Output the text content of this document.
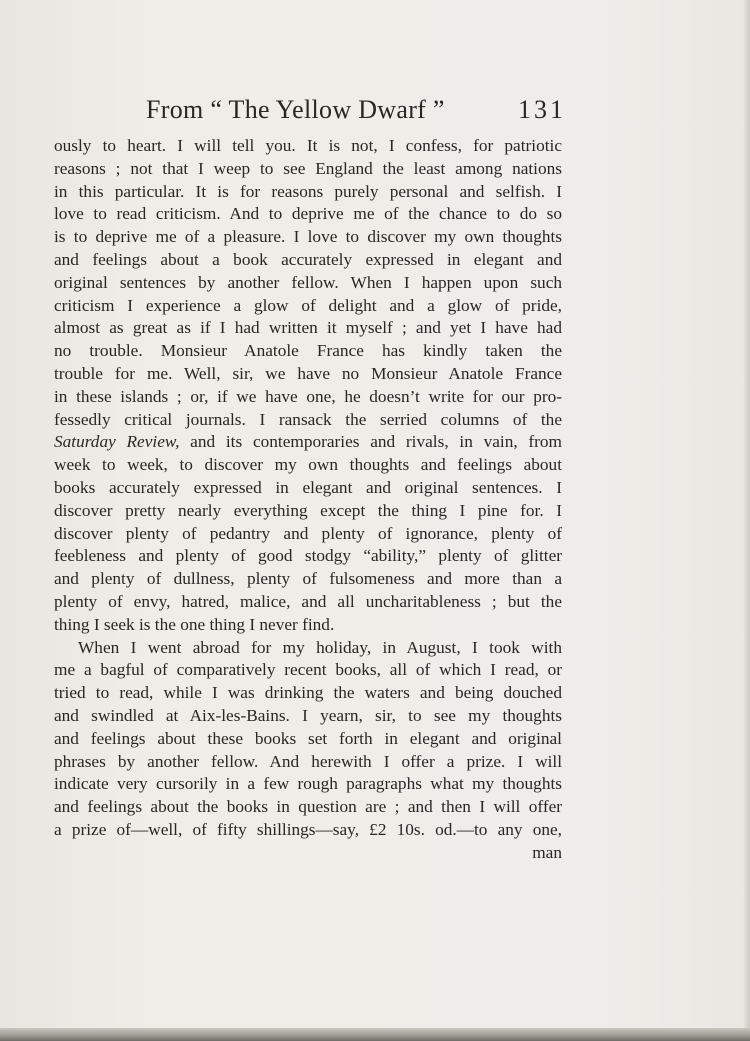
From “ The Yellow Dwarf ”	131
ously to heart. I will tell you. It is not, I confess, for patriotic
reasons ; not that I weep to see England the least among nations
in this particular. It is for reasons purely personal and selfish. I
love to read criticism. And to deprive me of the chance to do so
is to deprive me of a pleasure. I love to discover my own thoughts
and feelings about a book accurately expressed in elegant and
original sentences by another fellow. When I happen upon such
criticism I experience a glow of delight and a glow of pride,
almost as great as if I had written it myself ; and yet I have had
no trouble. Monsieur Anatole France has kindly taken the
trouble for me. Well, sir, we have no Monsieur Anatole France
in these islands ; or, if we have one, he doesn’t write for our pro-
fessedly critical journals. I ransack the serried columns of the
Saturday Review, and its contemporaries and rivals, in vain, from
week to week, to discover my own thoughts and feelings about
books accurately expressed in elegant and original sentences. I
discover pretty nearly everything except the thing I pine for. I
discover plenty of pedantry and plenty of ignorance, plenty of
feebleness and plenty of good stodgy “ability,” plenty of glitter
and plenty of dullness, plenty of fulsomeness and more than a
plenty of envy, hatred, malice, and all uncharitableness ; but the
thing I seek is the one thing I never find.
When I went abroad for my holiday, in August, I took with
me a bagful of comparatively recent books, all of which I read, or
tried to read, while I was drinking the waters and being douched
and swindled at Aix-les-Bains. I yearn, sir, to see my thoughts
and feelings about these books set forth in elegant and original
phrases by another fellow. And herewith I offer a prize. I will
indicate very cursorily in a few rough paragraphs what my thoughts
and feelings about the books in question are ; and then I will offer
a prize of—well, of fifty shillings—say, £2 10s. od.—to any one,
man
